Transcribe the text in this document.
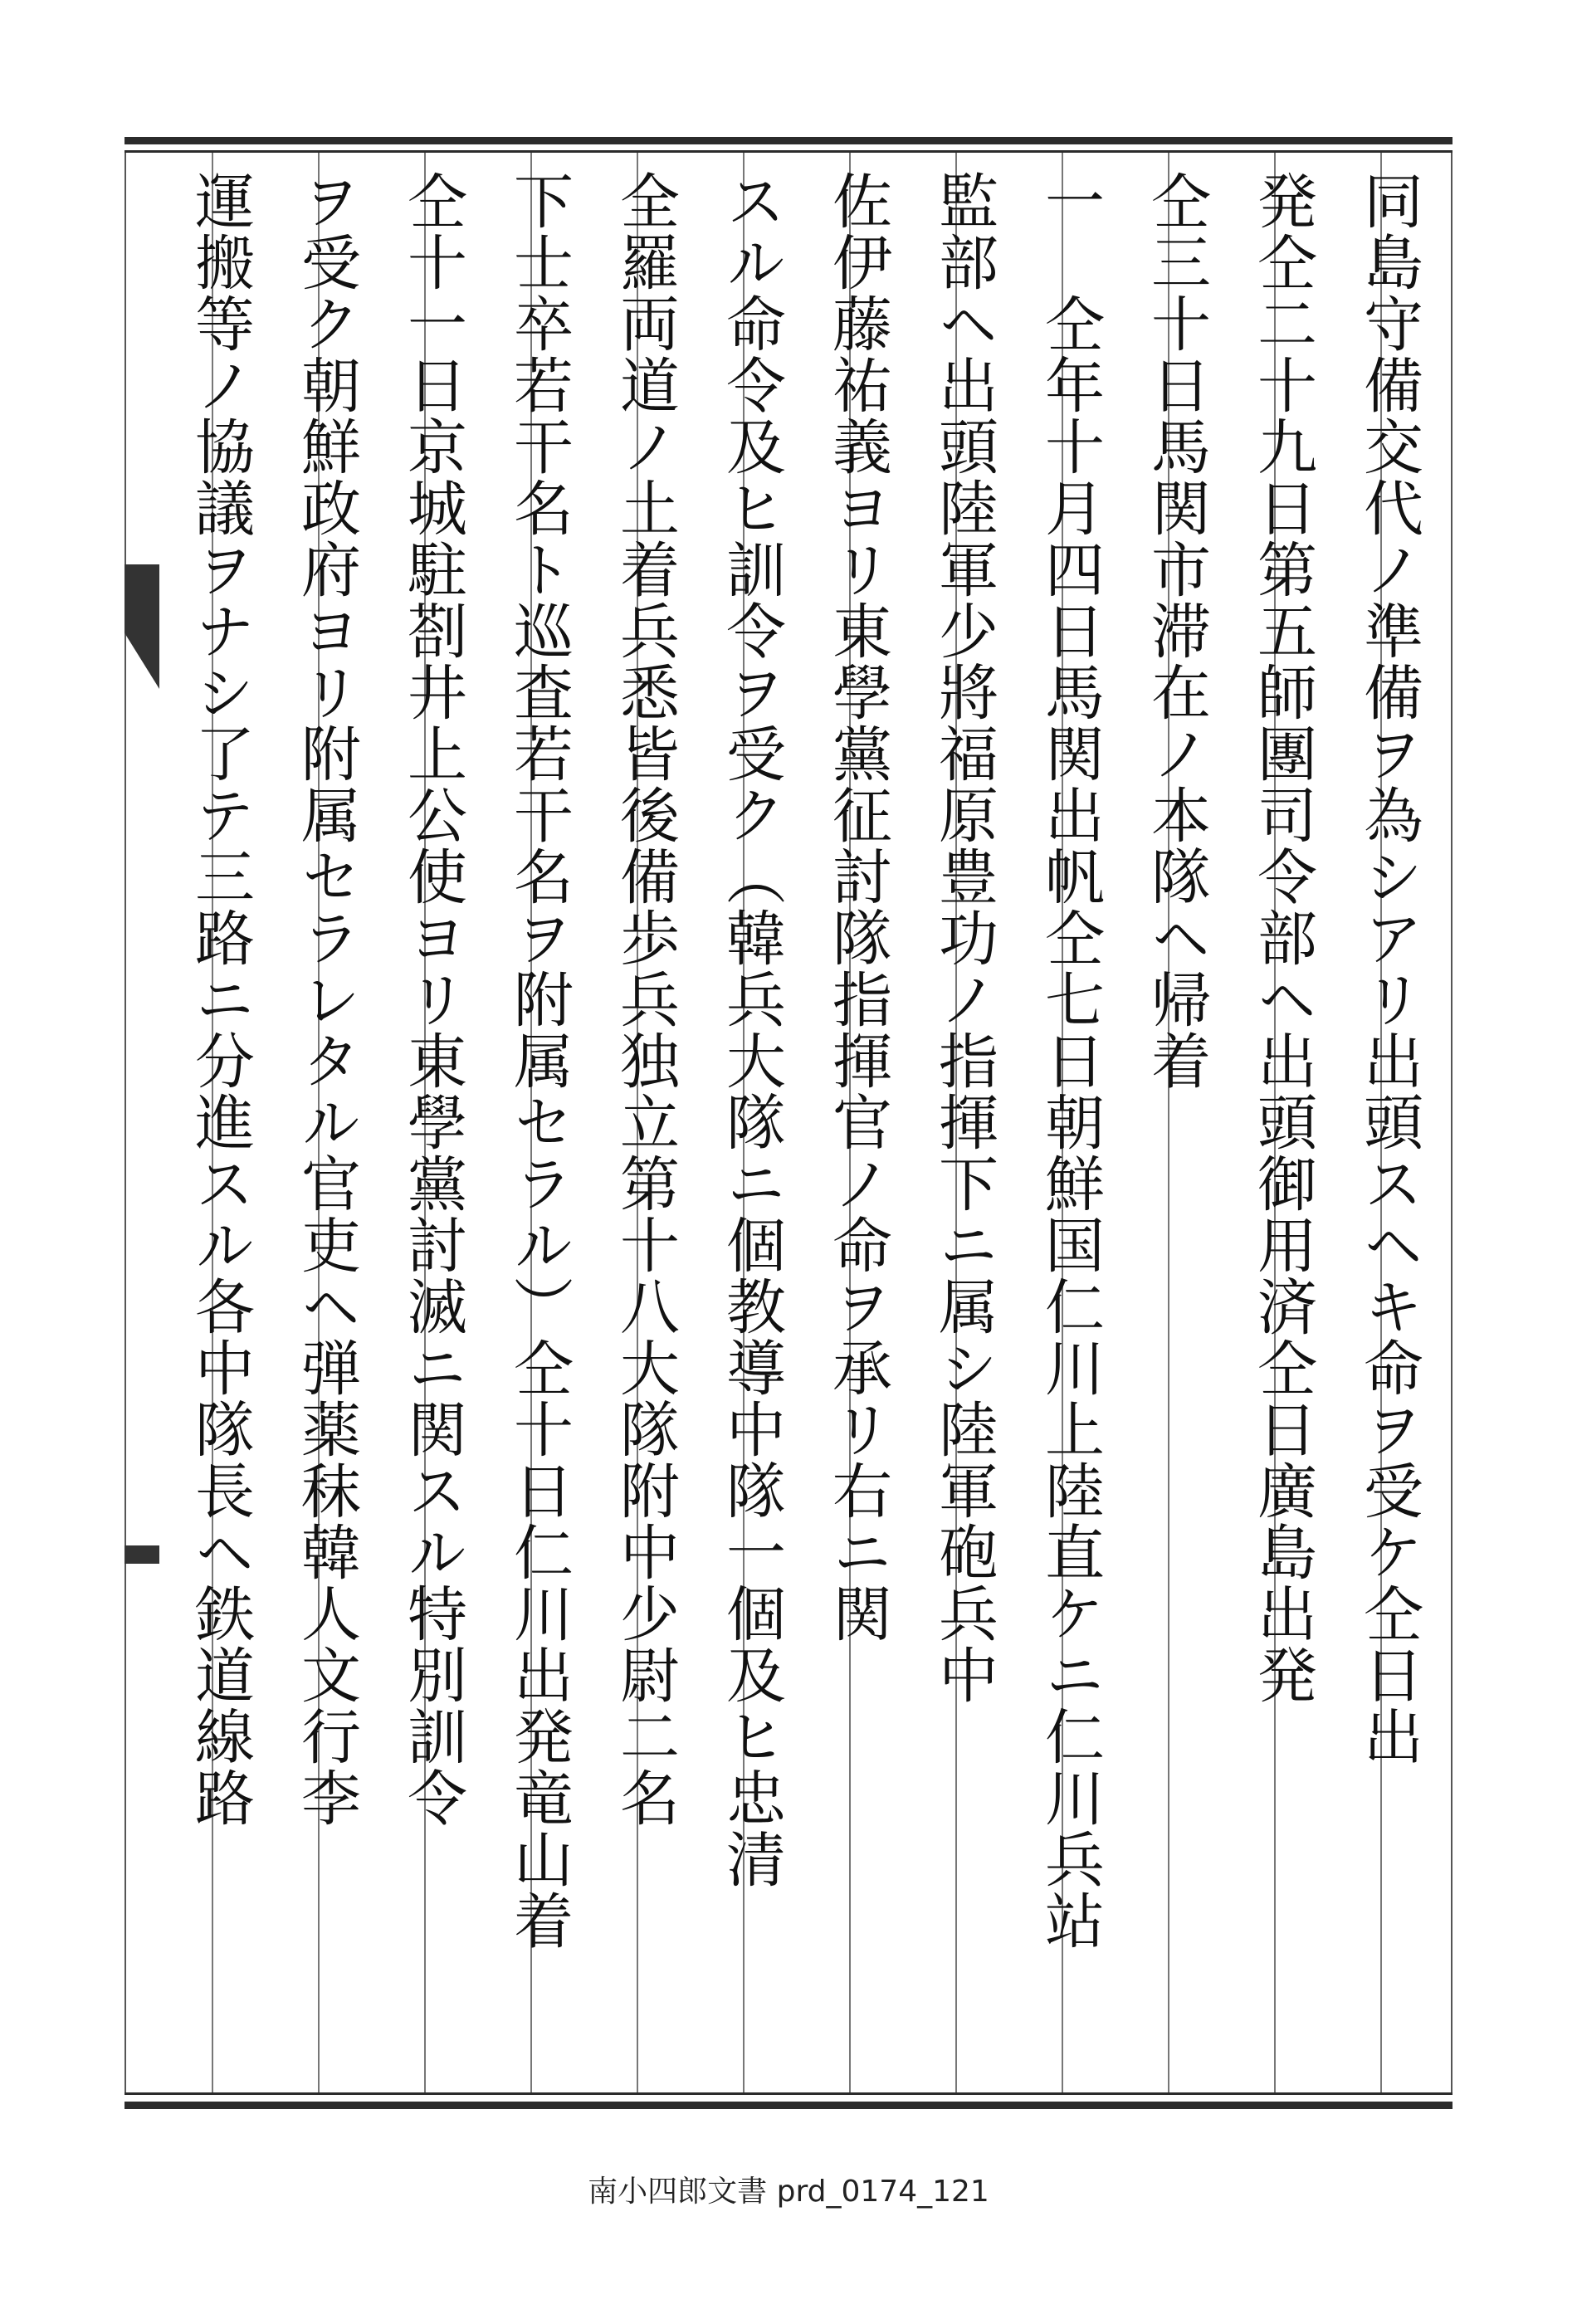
同島守備交代ノ準備ヲ為シアリ出頭スヘキ命ヲ受ケ仝日出
発仝二十九日第五師團司令部ヘ出頭御用済仝日廣島出発
仝三十日馬関市滞在ノ本隊ヘ帰着
一　仝年十月四日馬関出帆仝七日朝鮮国仁川上陸直ケニ仁川兵站
監部ヘ出頭陸軍少將福原豊功ノ指揮下ニ属シ陸軍砲兵中
佐伊藤祐義ヨリ東學黨征討隊指揮官ノ命ヲ承リ右ニ関
スル命令及ヒ訓令ヲ受ク（韓兵大隊ニ個教導中隊一個及ヒ忠清
全羅両道ノ土着兵悉皆後備歩兵独立第十八大隊附中少尉二名
下士卒若干名ト巡査若干名ヲ附属セラル）仝十日仁川出発竜山着
仝十一日京城駐剳井上公使ヨリ東學黨討滅ニ関スル特別訓令
ヲ受ク朝鮮政府ヨリ附属セラレタル官吏ヘ弾薬秣韓人文行李
運搬等ノ協議ヲナシ了テ三路ニ分進スル各中隊長ヘ鉄道線路
南小四郎文書 prd_0174_121
